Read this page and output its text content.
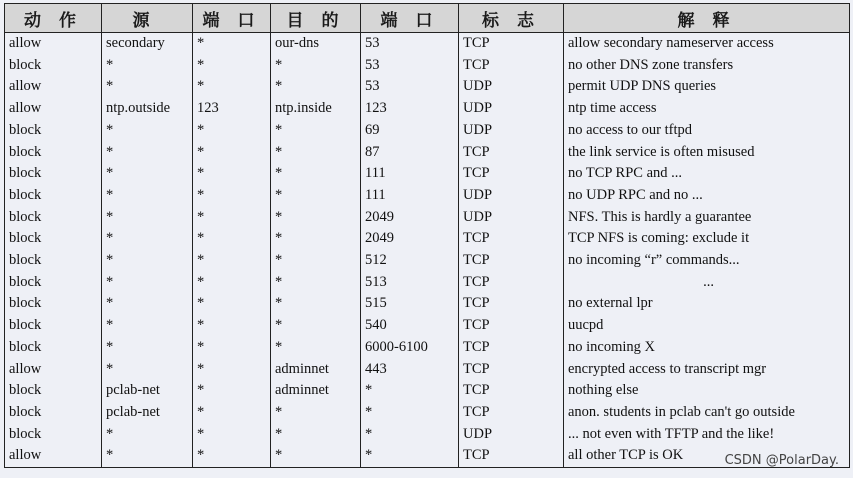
动 作	源	端 口	目 的	端 口	标 志	解 释
allow	secondary	*	our-dns	53	TCP	allow secondary nameserver access
block	*	*	*	53	TCP	no other DNS zone transfers
allow	*	*	*	53	UDP	permit UDP DNS queries
allow	ntp.outside	123	ntp.inside	123	UDP	ntp time access
block	*	*	*	69	UDP	no access to our tftpd
block	*	*	*	87	TCP	the link service is often misused
block	*	*	*	111	TCP	no TCP RPC and ...
block	*	*	*	111	UDP	no UDP RPC and no ...
block	*	*	*	2049	UDP	NFS. This is hardly a guarantee
block	*	*	*	2049	TCP	TCP NFS is coming: exclude it
block	*	*	*	512	TCP	no incoming “r” commands...
block	*	*	*	513	TCP	...
block	*	*	*	515	TCP	no external lpr
block	*	*	*	540	TCP	uucpd
block	*	*	*	6000-6100	TCP	no incoming X
allow	*	*	adminnet	443	TCP	encrypted access to transcript mgr
block	pclab-net	*	adminnet	*	TCP	nothing else
block	pclab-net	*	*	*	TCP	anon. students in pclab can't go outside
block	*	*	*	*	UDP	... not even with TFTP and the like!
allow	*	*	*	*	TCP	all other TCP is OK	CSDN @PolarDay.
